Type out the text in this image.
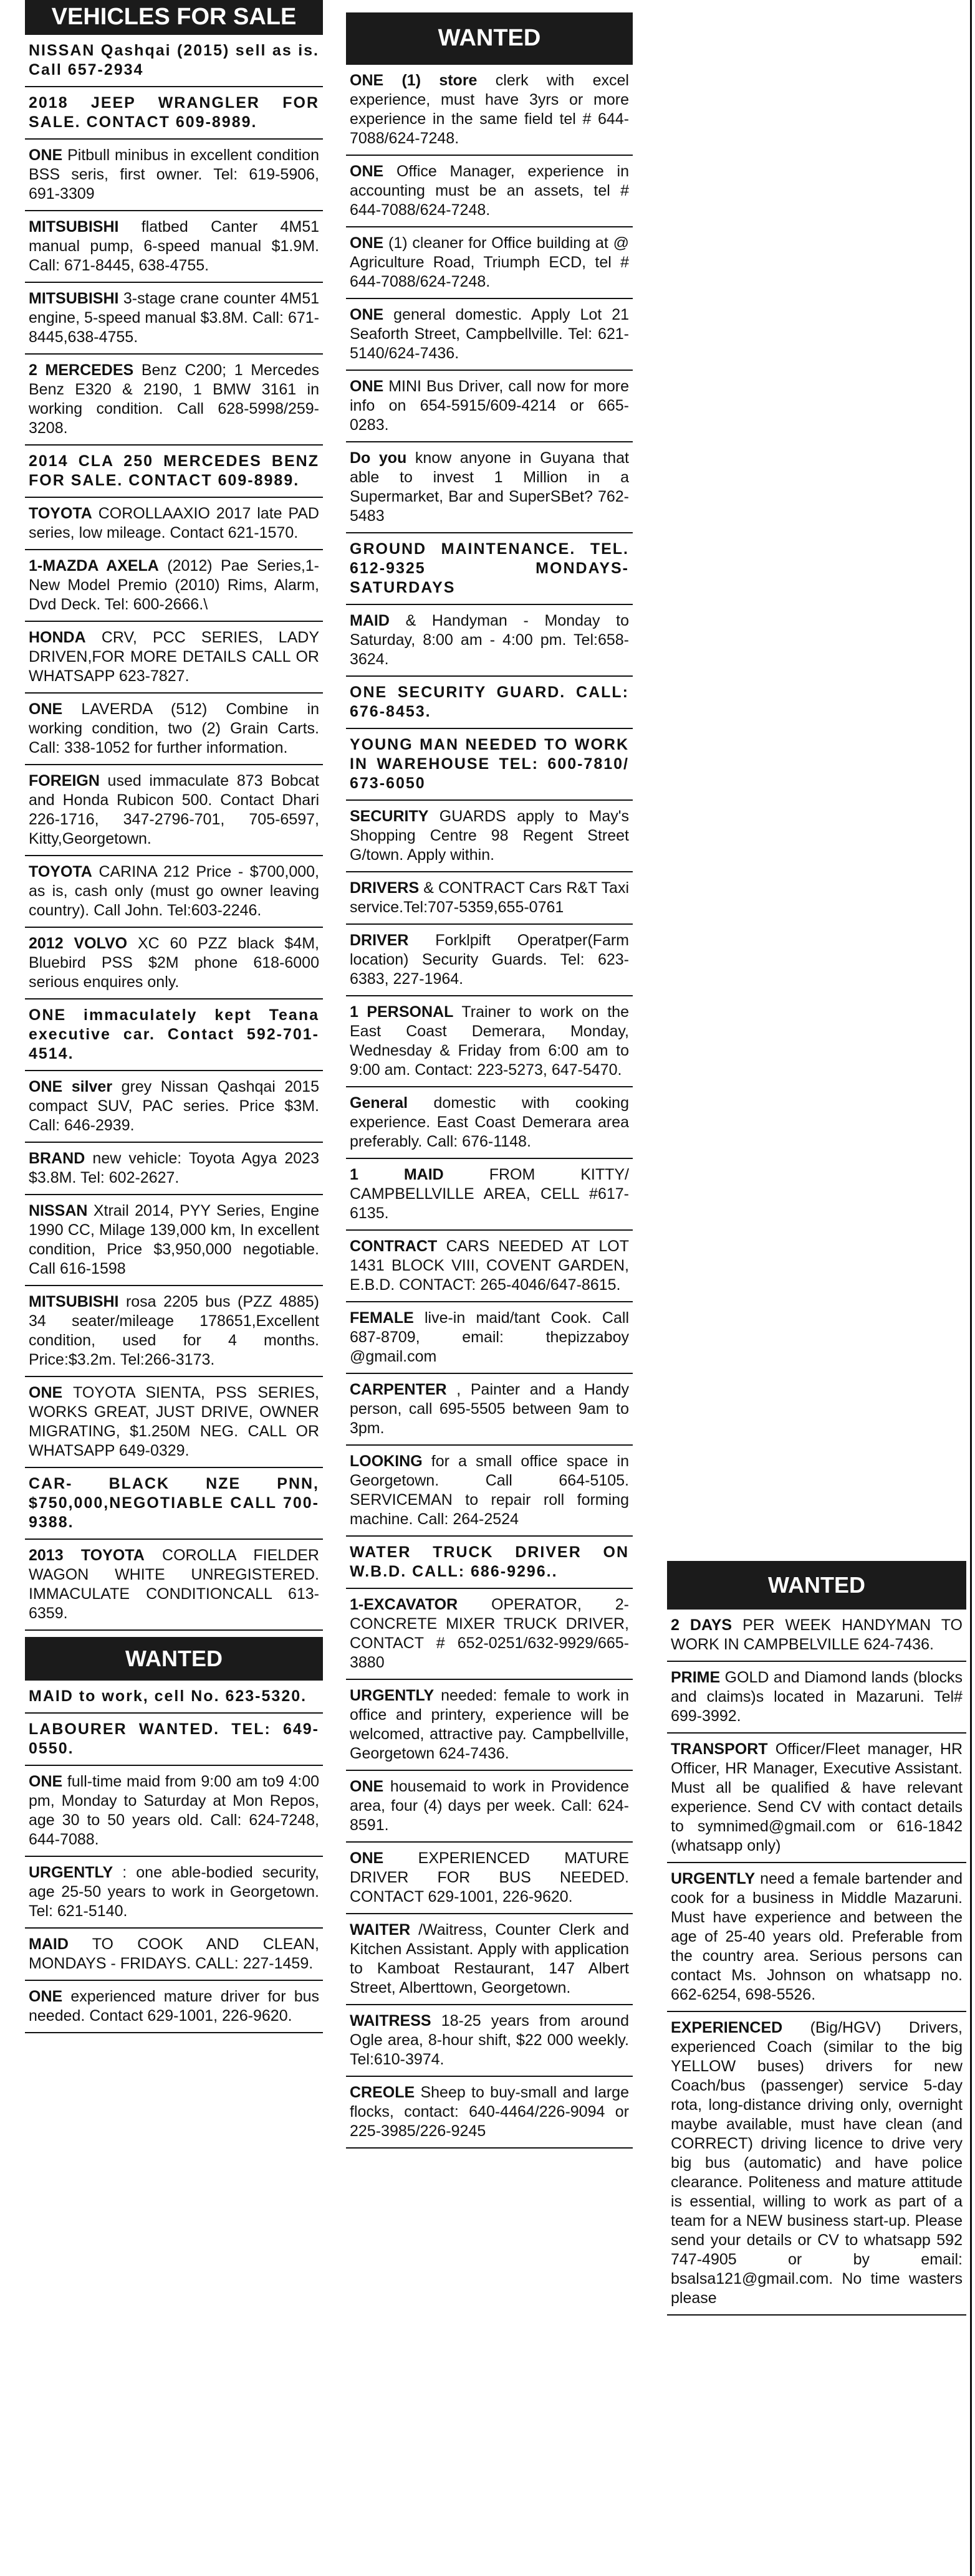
VEHICLES FOR SALE
NISSAN Qashqai (2015) sell as is. Call 657-2934
2018 JEEP WRANGLER FOR SALE. CONTACT 609-8989.
ONE Pitbull minibus in excellent condition BSS seris, first owner. Tel: 619-5906, 691-3309
MITSUBISHI flatbed Canter 4M51 manual pump, 6-speed manual $1.9M. Call: 671-8445, 638-4755.
MITSUBISHI 3-stage crane counter 4M51 engine, 5-speed manual $3.8M. Call: 671-8445,638-4755.
2 MERCEDES Benz C200; 1 Mercedes Benz E320 & 2190, 1 BMW 3161 in working condition. Call 628-5998/259-3208.
2014 CLA 250 MERCEDES BENZ FOR SALE. CONTACT 609-8989.
TOYOTA COROLLAAXIO 2017 late PAD series, low mileage. Contact 621-1570.
1-MAZDA AXELA (2012) Pae Series,1- New Model Premio (2010) Rims, Alarm, Dvd Deck. Tel: 600-2666.\
HONDA CRV, PCC SERIES, LADY DRIVEN,FOR MORE DETAILS CALL OR WHATSAPP 623-7827.
ONE LAVERDA (512) Combine in working condition, two (2) Grain Carts. Call: 338-1052 for further information.
FOREIGN used immaculate 873 Bobcat and Honda Rubicon 500. Contact Dhari 226-1716, 347-2796-701, 705-6597, Kitty,Georgetown.
TOYOTA CARINA 212 Price - $700,000, as is, cash only (must go owner leaving country). Call John. Tel:603-2246.
2012 VOLVO XC 60 PZZ black $4M, Bluebird PSS $2M phone 618-6000 serious enquires only.
ONE immaculately kept Teana executive car. Contact 592-701-4514.
ONE silver grey Nissan Qashqai 2015 compact SUV, PAC series. Price $3M. Call: 646-2939.
BRAND new vehicle: Toyota Agya 2023 $3.8M. Tel: 602-2627.
NISSAN Xtrail 2014, PYY Series, Engine 1990 CC, Milage 139,000 km, In excellent condition, Price $3,950,000 negotiable. Call 616-1598
MITSUBISHI rosa 2205 bus (PZZ 4885) 34 seater/mileage 178651,Excellent condition, used for 4 months. Price:$3.2m. Tel:266-3173.
ONE TOYOTA SIENTA, PSS SERIES, WORKS GREAT, JUST DRIVE, OWNER MIGRATING, $1.250M NEG. CALL OR WHATSAPP 649-0329.
CAR- BLACK NZE PNN, $750,000,NEGOTIABLE CALL 700-9388.
2013 TOYOTA COROLLA FIELDER WAGON WHITE UNREGISTERED. IMMACULATE CONDITIONCALL 613-6359.
WANTED
MAID to work, cell No. 623-5320.
LABOURER WANTED. TEL: 649-0550.
ONE full-time maid from 9:00 am to9 4:00 pm, Monday to Saturday at Mon Repos, age 30 to 50 years old. Call: 624-7248, 644-7088.
URGENTLY : one able-bodied security, age 25-50 years to work in Georgetown. Tel: 621-5140.
MAID TO COOK AND CLEAN, MONDAYS - FRIDAYS. CALL: 227-1459.
ONE experienced mature driver for bus needed. Contact 629-1001, 226-9620.
WANTED
ONE (1) store clerk with excel experience, must have 3yrs or more experience in the same field tel # 644-7088/624-7248.
ONE Office Manager, experience in accounting must be an assets, tel # 644-7088/624-7248.
ONE (1) cleaner for Office building at @ Agriculture Road, Triumph ECD, tel # 644-7088/624-7248.
ONE general domestic. Apply Lot 21 Seaforth Street, Campbellville. Tel: 621-5140/624-7436.
ONE MINI Bus Driver, call now for more info on 654-5915/609-4214 or 665-0283.
Do you know anyone in Guyana that able to invest 1 Million in a Supermarket, Bar and SuperSBet? 762-5483
GROUND MAINTENANCE. TEL. 612-9325 MONDAYS-SATURDAYS
MAID & Handyman - Monday to Saturday, 8:00 am - 4:00 pm. Tel:658-3624.
ONE SECURITY GUARD. CALL: 676-8453.
YOUNG MAN NEEDED TO WORK IN WAREHOUSE TEL: 600-7810/ 673-6050
SECURITY GUARDS apply to May's Shopping Centre 98 Regent Street G/town. Apply within.
DRIVERS & CONTRACT Cars R&T Taxi service.Tel:707-5359,655-0761
DRIVER Forklpift Operatper(Farm location) Security Guards. Tel: 623-6383, 227-1964.
1 PERSONAL Trainer to work on the East Coast Demerara, Monday, Wednesday & Friday from 6:00 am to 9:00 am. Contact: 223-5273, 647-5470.
General domestic with cooking experience. East Coast Demerara area preferably. Call: 676-1148.
1 MAID	FROM KITTY/ CAMPBELLVILLE AREA, CELL #617-6135.
CONTRACT CARS NEEDED AT LOT 1431 BLOCK VIII, COVENT GARDEN, E.B.D. CONTACT: 265-4046/647-8615.
FEMALE live-in maid/tant Cook. Call 687-8709, email: thepizzaboy @gmail.com
CARPENTER , Painter and a Handy person, call 695-5505 between 9am to 3pm.
LOOKING for a small office space in Georgetown. Call 664-5105. SERVICEMAN to repair roll forming machine. Call: 264-2524
WATER TRUCK DRIVER ON W.B.D. CALL: 686-9296..
1-EXCAVATOR OPERATOR, 2- CONCRETE MIXER TRUCK DRIVER, CONTACT # 652-0251/632-9929/665-3880
URGENTLY needed: female to work in office and printery, experience will be welcomed, attractive pay. Campbellville, Georgetown 624-7436.
ONE housemaid to work in Providence area, four (4) days per week. Call: 624-8591.
ONE EXPERIENCED MATURE DRIVER FOR BUS NEEDED. CONTACT 629-1001, 226-9620.
WAITER /Waitress, Counter Clerk and Kitchen Assistant. Apply with application to Kamboat Restaurant, 147 Albert Street, Alberttown, Georgetown.
WAITRESS 18-25 years from around Ogle area, 8-hour shift, $22 000 weekly. Tel:610-3974.
CREOLE Sheep to buy-small and large flocks, contact: 640-4464/226-9094 or 225-3985/226-9245
WANTED
2 DAYS PER WEEK HANDYMAN TO WORK IN CAMPBELVILLE 624-7436.
PRIME GOLD and Diamond lands (blocks and claims)s located in Mazaruni. Tel# 699-3992.
TRANSPORT Officer/Fleet manager, HR Officer, HR Manager, Executive Assistant. Must all be qualified & have relevant experience. Send CV with contact details to symnimed@gmail.com or 616-1842 (whatsapp only)
URGENTLY need a female bartender and cook for a business in Middle Mazaruni. Must have experience and between the age of 25-40 years old. Preferable from the country area. Serious persons can contact Ms. Johnson on whatsapp no. 662-6254, 698-5526.
EXPERIENCED (Big/HGV) Drivers, experienced Coach (similar to the big YELLOW buses) drivers for new Coach/bus (passenger) service 5-day rota, long-distance driving only, overnight maybe available, must have clean (and CORRECT) driving licence to drive very big bus (automatic) and have police clearance. Politeness and mature attitude is essential, willing to work as part of a team for a NEW business start-up. Please send your details or CV to whatsapp 592 747-4905 or by email: bsalsa121@gmail.com. No time wasters please
